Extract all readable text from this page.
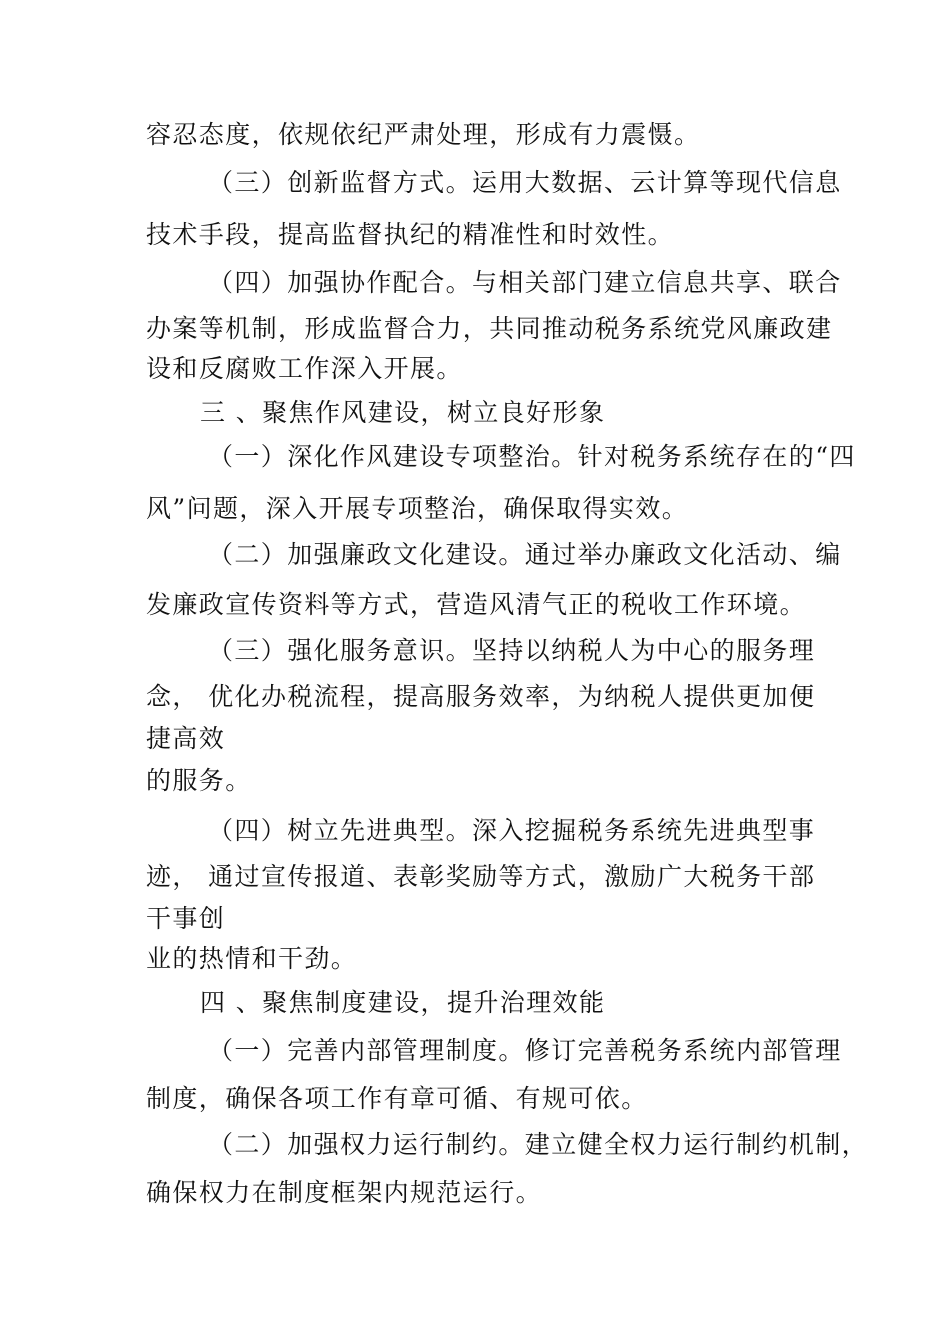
容忍态度，依规依纪严肃处理，形成有力震慑。
（三）创新监督方式。运用大数据、云计算等现代信息
技术手段，提高监督执纪的精准性和时效性。
（四）加强协作配合。与相关部门建立信息共享、联合
办案等机制，形成监督合力，共同推动税务系统党风廉政建
设和反腐败工作深入开展。
三 、聚焦作风建设，树立良好形象
（一）深化作风建设专项整治。针对税务系统存在的“四
风”问题，深入开展专项整治，确保取得实效。
（二）加强廉政文化建设。通过举办廉政文化活动、编
发廉政宣传资料等方式，营造风清气正的税收工作环境。
（三）强化服务意识。坚持以纳税人为中心的服务理
念， 优化办税流程，提高服务效率，为纳税人提供更加便
捷高效
的服务。
（四）树立先进典型。深入挖掘税务系统先进典型事
迹， 通过宣传报道、表彰奖励等方式，激励广大税务干部
干事创
业的热情和干劲。
四 、聚焦制度建设，提升治理效能
（一）完善内部管理制度。修订完善税务系统内部管理
制度，确保各项工作有章可循、有规可依。
（二）加强权力运行制约。建立健全权力运行制约机制，
确保权力在制度框架内规范运行。
